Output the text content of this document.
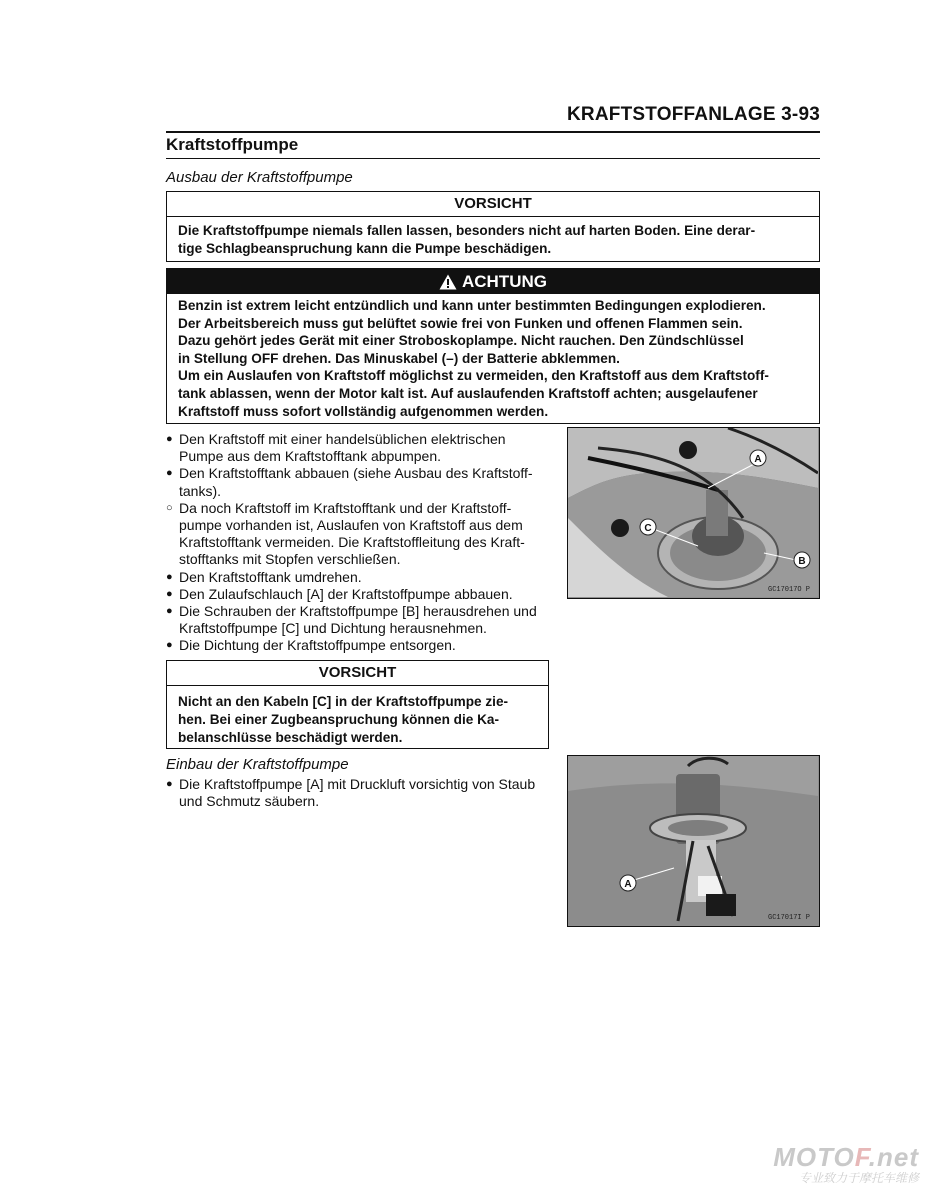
KRAFTSTOFFANLAGE 3-93
Kraftstoffpumpe
Ausbau der Kraftstoffpumpe
VORSICHT
Die Kraftstoffpumpe niemals fallen lassen, besonders nicht auf harten Boden. Eine derar-
tige Schlagbeanspruchung kann die Pumpe beschädigen.
ACHTUNG
Benzin ist extrem leicht entzündlich und kann unter bestimmten Bedingungen explodieren.
Der Arbeitsbereich muss gut belüftet sowie frei von Funken und offenen Flammen sein.
Dazu gehört jedes Gerät mit einer Stroboskoplampe. Nicht rauchen. Den Zündschlüssel
in Stellung OFF drehen. Das Minuskabel (–) der Batterie abklemmen.
Um ein Auslaufen von Kraftstoff möglichst zu vermeiden, den Kraftstoff aus dem Kraftstoff-
tank ablassen, wenn der Motor kalt ist. Auf auslaufenden Kraftstoff achten; ausgelaufener
Kraftstoff muss sofort vollständig aufgenommen werden.
● Den Kraftstoff mit einer handelsüblichen elektrischen
Pumpe aus dem Kraftstofftank abpumpen.
● Den Kraftstofftank abbauen (siehe Ausbau des Kraftstoff-
tanks).
○ Da noch Kraftstoff im Kraftstofftank und der Kraftstoff-
pumpe vorhanden ist, Auslaufen von Kraftstoff aus dem
Kraftstofftank vermeiden. Die Kraftstoffleitung des Kraft-
stofftanks mit Stopfen verschließen.
● Den Kraftstofftank umdrehen.
● Den Zulaufschlauch [A] der Kraftstoffpumpe abbauen.
● Die Schrauben der Kraftstoffpumpe [B] herausdrehen und
Kraftstoffpumpe [C] und Dichtung herausnehmen.
● Die Dichtung der Kraftstoffpumpe entsorgen.
VORSICHT
Nicht an den Kabeln [C] in der Kraftstoffpumpe zie-
hen. Bei einer Zugbeanspruchung können die Ka-
belanschlüsse beschädigt werden.
Einbau der Kraftstoffpumpe
● Die Kraftstoffpumpe [A] mit Druckluft vorsichtig von Staub
und Schmutz säubern.
A
B
C
GC17017O P
A
GC17017I P
MOTOF.net
专业致力于摩托车维修
